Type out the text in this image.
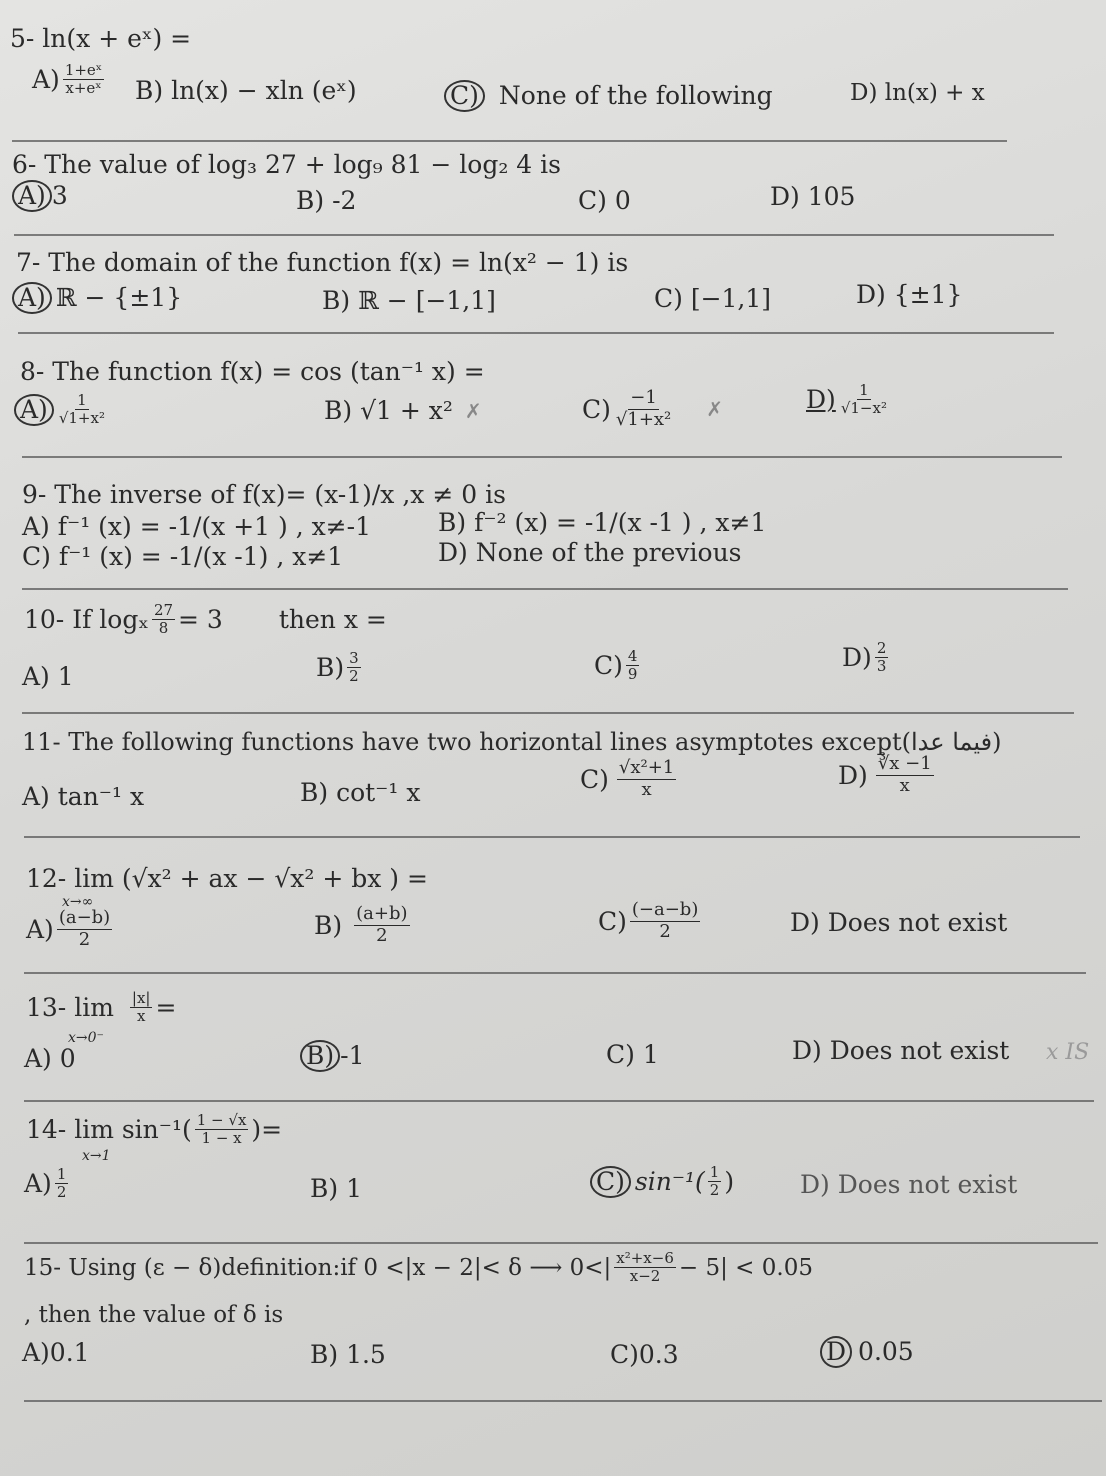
5- ln(x + eˣ) =
$A) \frac{\text{1+eˣ}}{\text{x+eˣ}} B$) ln(x) − xln (eˣ)	C) None of the following	D) ln(x) + x
6- The value of log₃ 27 + log₉ 81 − log₂ 4 is
A) 3	B) -2	C) 0	D) 105
7- The domain of the function f(x) = ln(x² − 1) is
A) ℝ − {±1}	B) ℝ − [−1,1]	C) [−1,1]	D) {±1}
8- The function f(x) = cos (tan⁻¹ x) =
$A) \frac{1}{\text{√1+x²}}$	B) √1 + x² ✗	$C) \frac{-1}{\text{√1+x²}}$ ✗	$D) \frac{1}{\text{√1−x²}}$
9- The inverse of f(x)= (x-1)/x ,x ≠ 0 is
A) f⁻¹ (x) = -1/(x +1 ) , x≠-1	B) f⁻² (x) = -1/(x -1 ) , x≠1
C) f⁻¹ (x) = -1/(x -1) , x≠1	D) None of the previous
10- If logₓ $\frac{27}{8} = 3$ then x =
A) 1	$B) \frac{3}{2}$	$C) \frac{4}{9}$	$D) \frac{2}{3}$
11- The following functions have two horizontal lines asymptotes except(فيما عدا)
A) tan⁻¹ x	B) cot⁻¹ x	$C) \frac{\text{√x²+1}}{x}$	$D) \frac{∛x -1}{x}$
12- lim (√x² + ax − √x² + bx ) =
x→∞
$A) \frac{(a-b)}{2}$	$B) \frac{(a+b)}{2}$	$C) \frac{(-a-b)}{2}$	D) Does not exist
13- $\lim \frac{|x|}{x}$ =
x→0⁻
A) 0	B) -1	C) 1	D) Does not exist x IS
14- $\lim \sin^{-1}( \frac{1 - √x}{1 - x}$ )=
x→1
$A) \frac{1}{2}$	B) 1	C) $\sin^{-1}( \frac{1}{2}$ )	D) Does not exist
15- Using (ε − δ)definition:if 0 <|x − 2|< δ ⟶ $0<| \frac{\text{x²+x−6}}{x-2} - 5| < 0.05$
, then the value of δ is
A)0.1	B) 1.5	C)0.3	D 0.05
